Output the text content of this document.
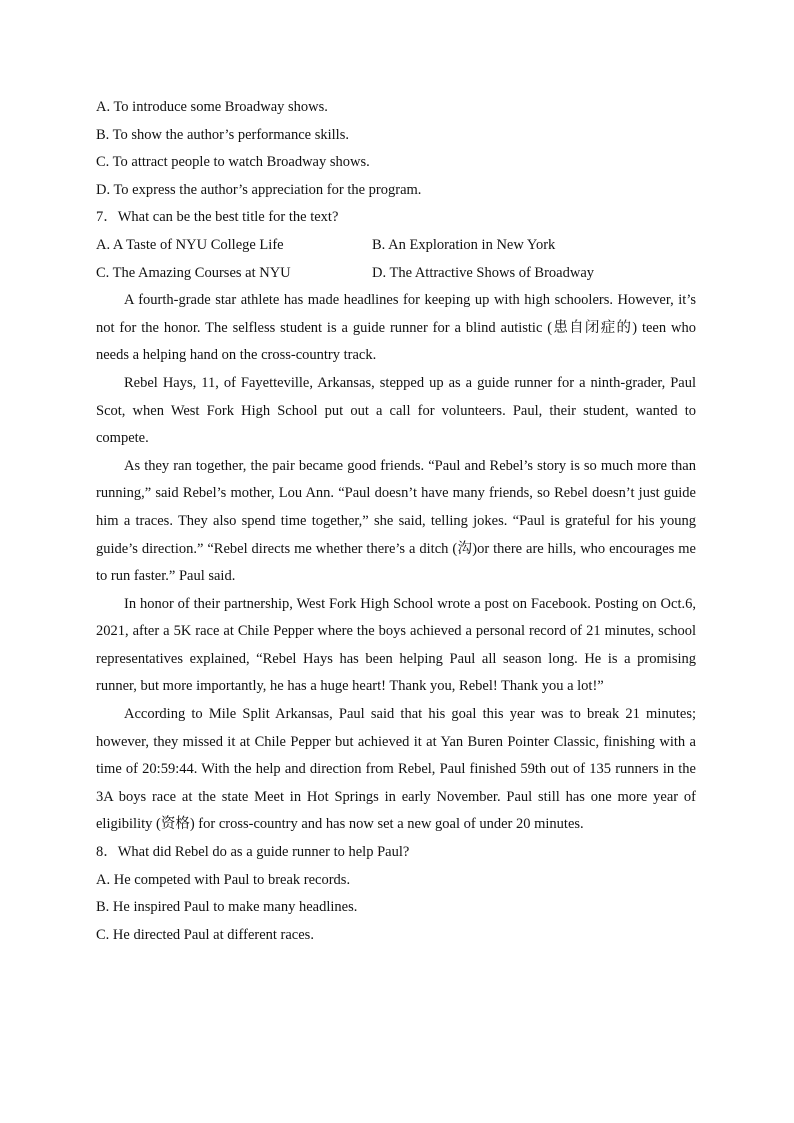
A. To introduce some Broadway shows.

B. To show the author’s performance skills.

C. To attract people to watch Broadway shows.

D. To express the author’s appreciation for the program.

7．What can be the best title for the text?

A. A Taste of NYU College Life	B. An Exploration in New York
C. The Amazing Courses at NYU	D. The Attractive Shows of Broadway

A fourth-grade star athlete has made headlines for keeping up with high schoolers. However, it’s not for the honor. The selfless student is a guide runner for a blind autistic (患自闭症的) teen who needs a helping hand on the cross-country track.

Rebel Hays, 11, of Fayetteville, Arkansas, stepped up as a guide runner for a ninth-grader, Paul Scot, when West Fork High School put out a call for volunteers. Paul, their student, wanted to compete.

As they ran together, the pair became good friends. “Paul and Rebel’s story is so much more than running,” said Rebel’s mother, Lou Ann. “Paul doesn’t have many friends, so Rebel doesn’t just guide him a traces. They also spend time together,” she said, telling jokes. “Paul is grateful for his young guide’s direction.” “Rebel directs me whether there’s a ditch (沟)or there are hills, who encourages me to run faster.” Paul said.

In honor of their partnership, West Fork High School wrote a post on Facebook. Posting on Oct.6, 2021, after a 5K race at Chile Pepper where the boys achieved a personal record of 21 minutes, school representatives explained, “Rebel Hays has been helping Paul all season long. He is a promising runner, but more importantly, he has a huge heart! Thank you, Rebel! Thank you a lot!”

According to Mile Split Arkansas, Paul said that his goal this year was to break 21 minutes; however, they missed it at Chile Pepper but achieved it at Yan Buren Pointer Classic, finishing with a time of 20:59:44. With the help and direction from Rebel, Paul finished 59th out of 135 runners in the 3A boys race at the state Meet in Hot Springs in early November. Paul still has one more year of eligibility (资格) for cross-country and has now set a new goal of under 20 minutes.

8．What did Rebel do as a guide runner to help Paul?

A. He competed with Paul to break records.

B. He inspired Paul to make many headlines.

C. He directed Paul at different races.
